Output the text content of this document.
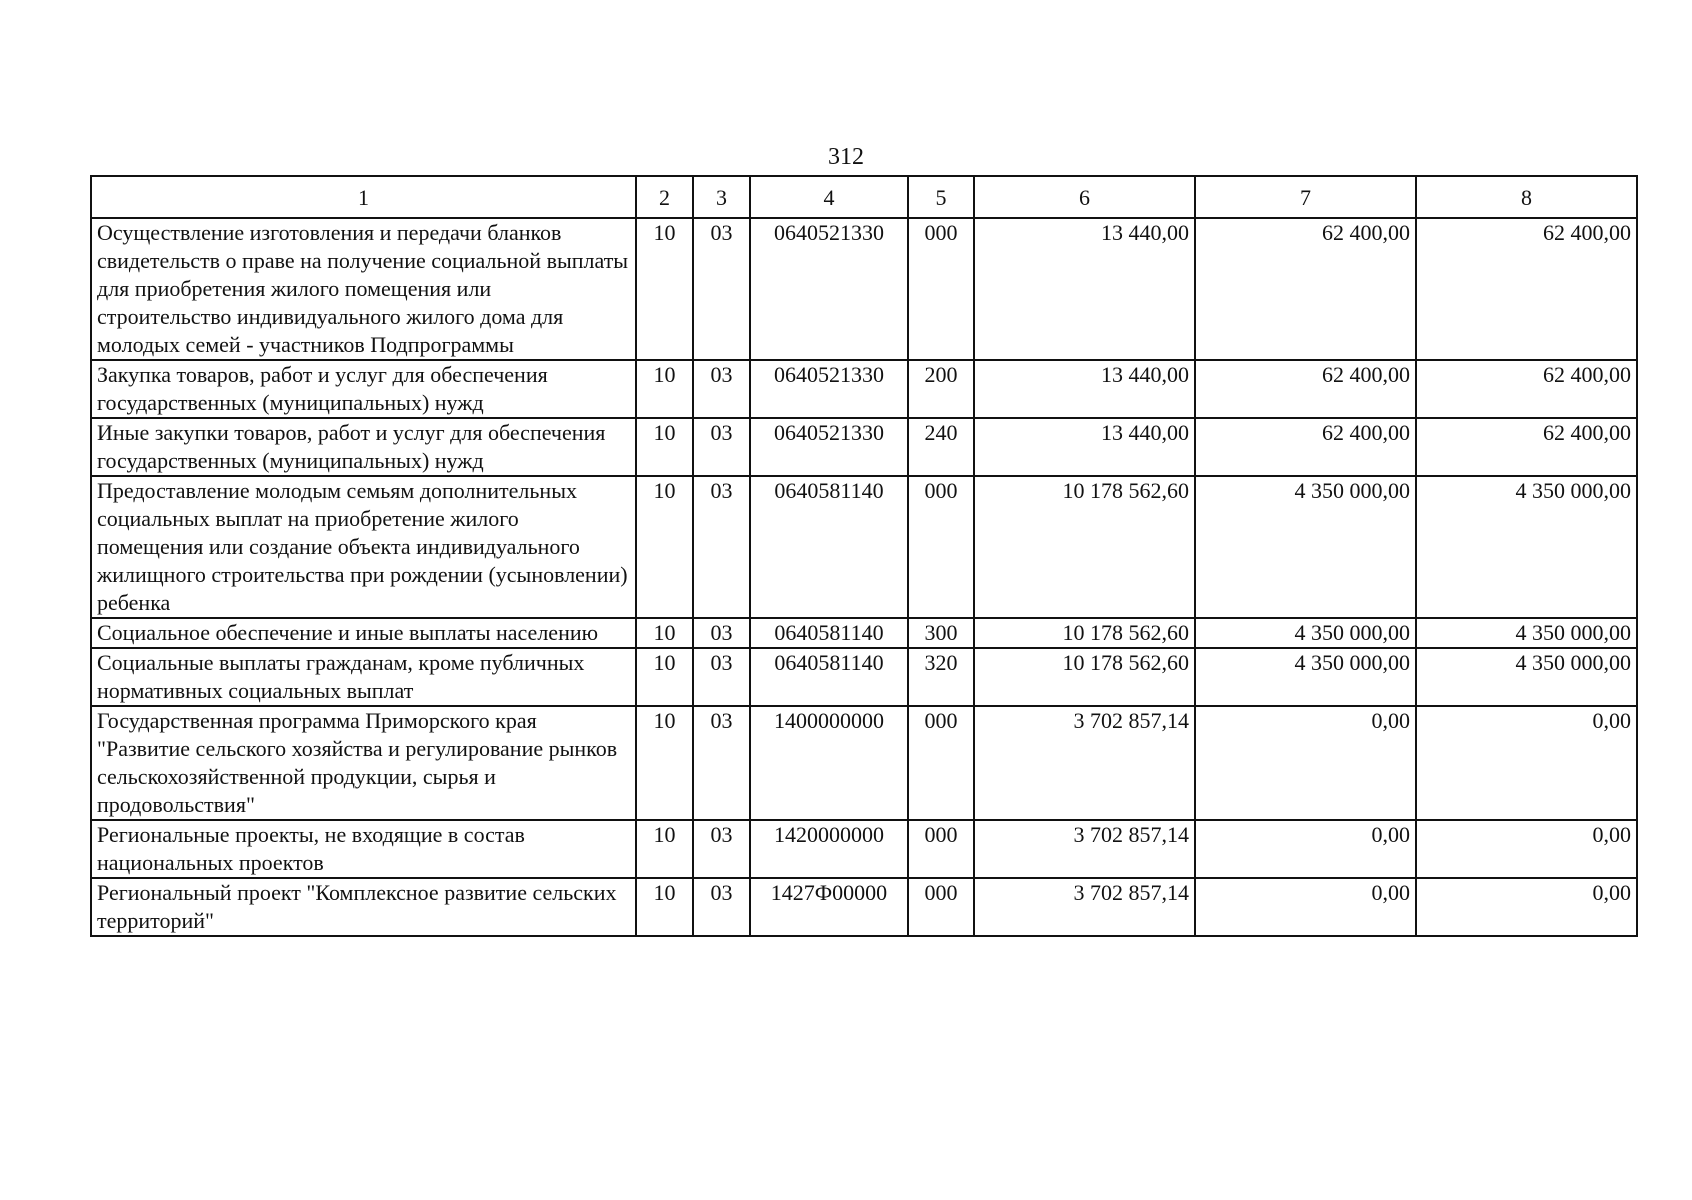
312
1	2	3	4	5	6	7	8
Осуществление изготовления и передачи бланков свидетельств о праве на получение социальной выплаты для приобретения жилого помещения или строительство индивидуального жилого дома для молодых семей - участников Подпрограммы	10	03	0640521330	000	13 440,00	62 400,00	62 400,00
Закупка товаров, работ и услуг для обеспечения государственных (муниципальных) нужд	10	03	0640521330	200	13 440,00	62 400,00	62 400,00
Иные закупки товаров, работ и услуг для обеспечения государственных (муниципальных) нужд	10	03	0640521330	240	13 440,00	62 400,00	62 400,00
Предоставление молодым семьям дополнительных социальных выплат на приобретение жилого помещения или создание объекта индивидуального жилищного строительства при рождении (усыновлении) ребенка	10	03	0640581140	000	10 178 562,60	4 350 000,00	4 350 000,00
Социальное обеспечение и иные выплаты населению	10	03	0640581140	300	10 178 562,60	4 350 000,00	4 350 000,00
Социальные выплаты гражданам, кроме публичных нормативных социальных выплат	10	03	0640581140	320	10 178 562,60	4 350 000,00	4 350 000,00
Государственная программа Приморского края "Развитие сельского хозяйства и регулирование рынков сельскохозяйственной продукции, сырья и продовольствия"	10	03	1400000000	000	3 702 857,14	0,00	0,00
Региональные проекты, не входящие в состав национальных проектов	10	03	1420000000	000	3 702 857,14	0,00	0,00
Региональный проект "Комплексное развитие сельских территорий"	10	03	1427Ф00000	000	3 702 857,14	0,00	0,00
